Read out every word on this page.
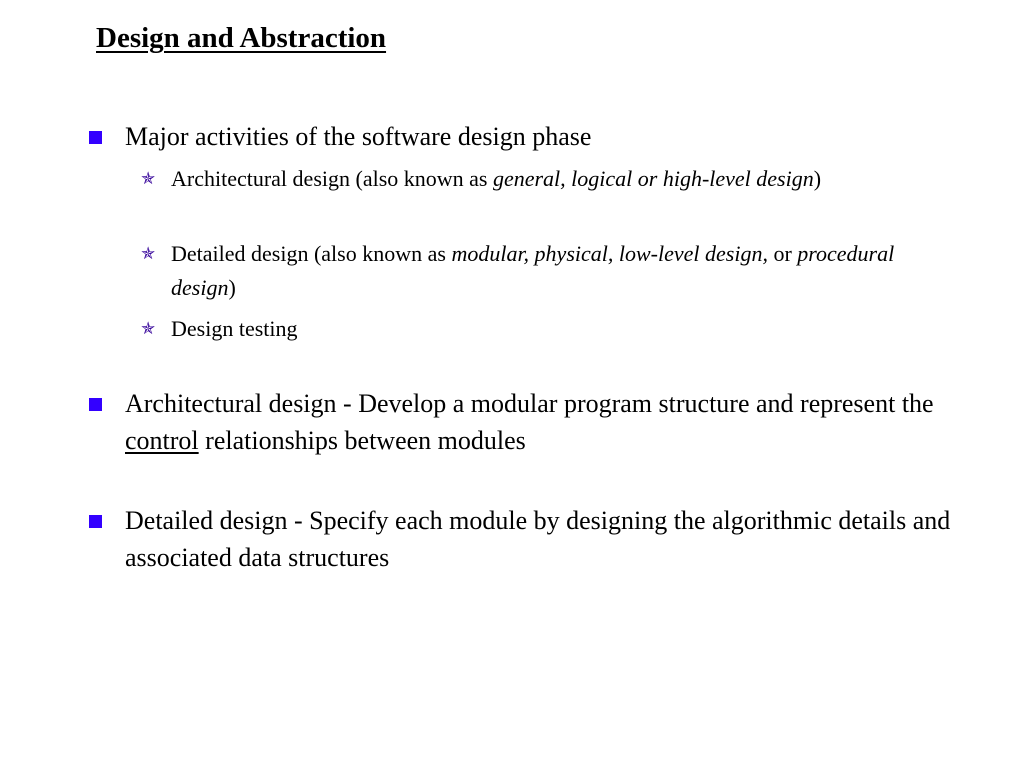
Design and Abstraction
Major activities of the software design phase
✯ Architectural design (also known as general, logical or high-level design)
✯ Detailed design (also known as modular, physical, low-level design, or procedural design)
✯ Design testing
Architectural design - Develop a modular program structure and represent the control relationships between modules
Detailed design - Specify each module by designing the algorithmic details and associated data structures
